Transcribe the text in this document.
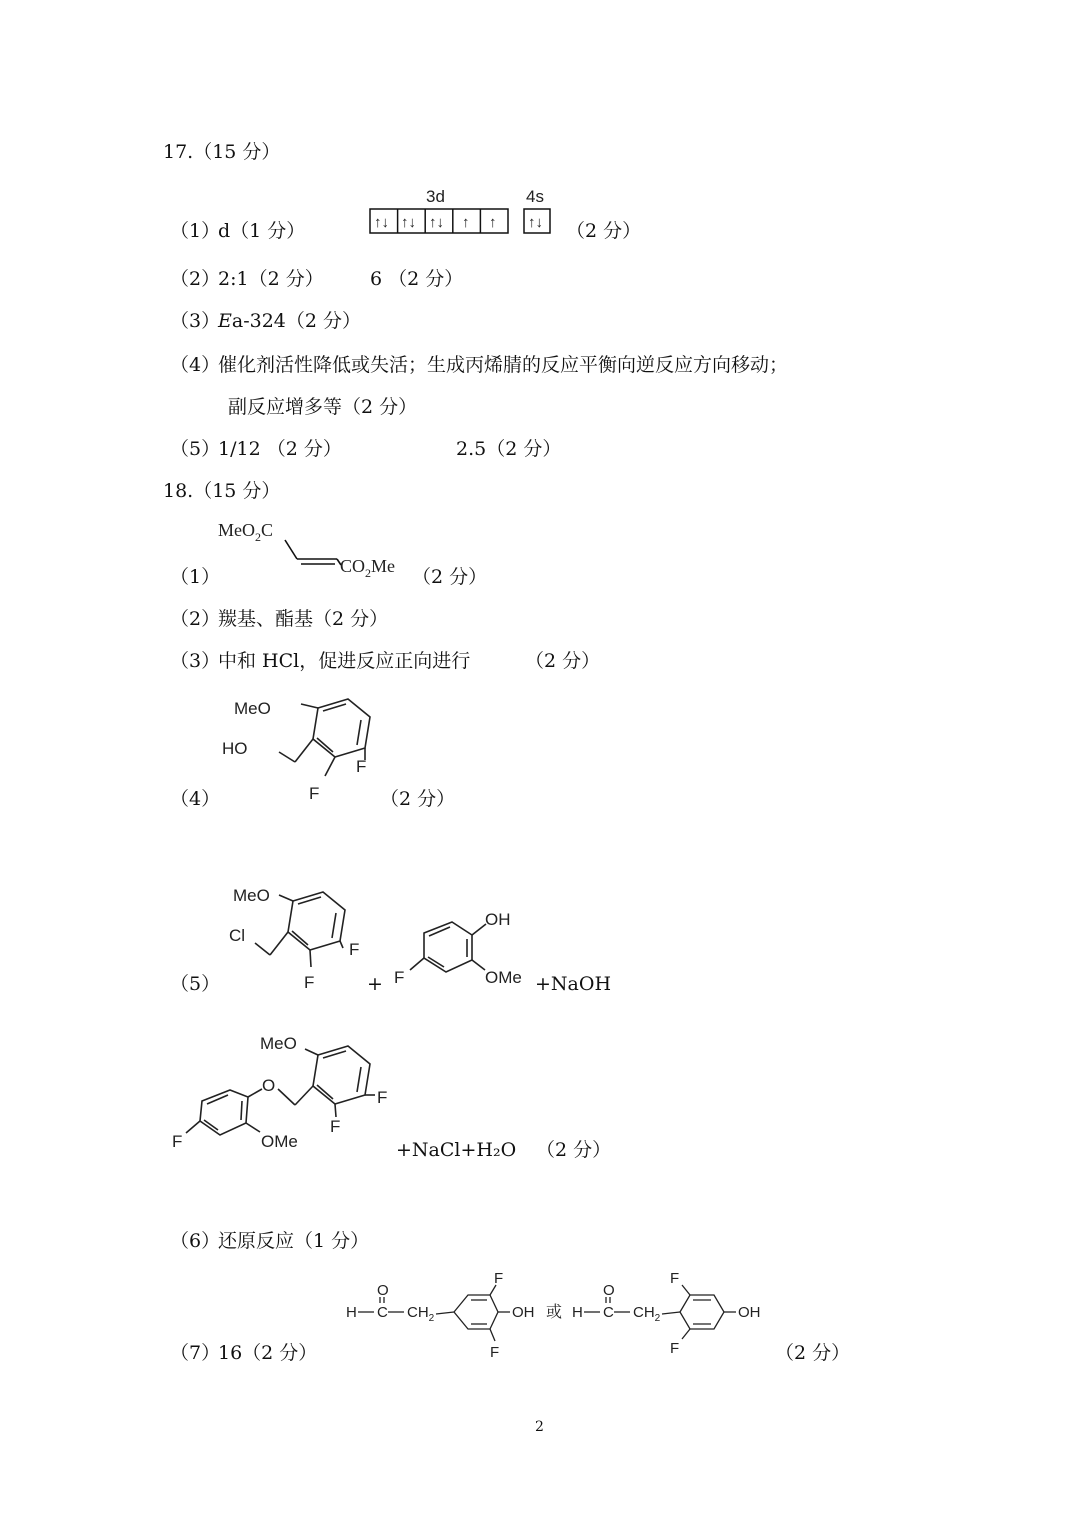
17.（15 分）
（1）
d（1 分）
3d	4s
↑↓ ↑↓ ↑↓ ↑ ↑ ↑↓ （2 分）
（2）
2:1（2 分） 6 （2 分）
（3）
Ea-324（2 分）
（4）
催化剂活性降低或失活；生成丙烯腈的反应平衡向逆反应方向移动；
副反应增多等（2 分）
（5）
1/12 （2 分）	2.5（2 分）
18.（15 分）
（1）
MeO$_2$C
$CO_2Me$ （2 分）
（2）
羰基、酯基（2 分）
（3）
中和 HCl，促进反应正向进行	（2 分）
（4）
MeO
HO
F
F	（2 分）
（5）
MeO
Cl
F
F	+
OH
OMe
F	+NaOH
MeO
O
F
F
OMe
F	+NaCl+H₂O （2 分）
（6）
还原反应（1 分）
（7）
16（2 分）
O
H C $CH_2$	OH
F
F
或
O
H C $CH_2$	OH
F
F	（2 分）
2
